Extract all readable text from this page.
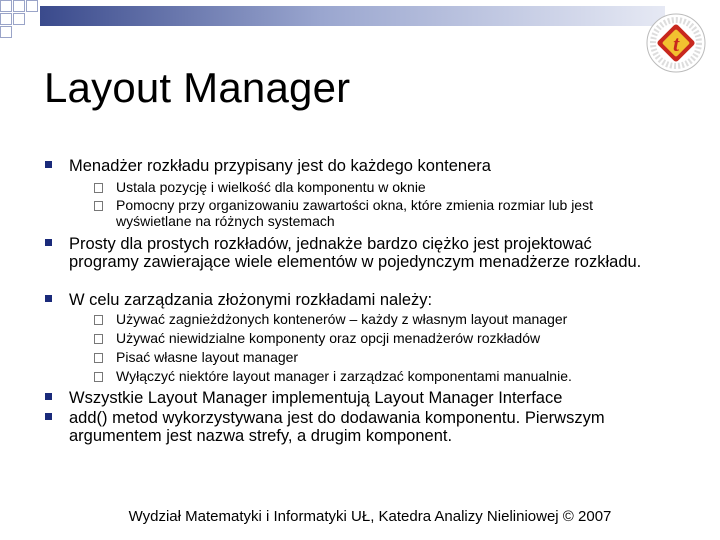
t
Layout Manager
Menadżer rozkładu przypisany jest do każdego kontenera
Ustala pozycję i wielkość dla komponentu w oknie
Pomocny przy organizowaniu zawartości okna, które zmienia rozmiar lub jest wyświetlane na różnych systemach
Prosty dla prostych rozkładów, jednakże bardzo ciężko jest projektować programy zawierające wiele elementów w pojedynczym menadżerze rozkładu.
W celu zarządzania złożonymi rozkładami należy:
Używać zagnieżdżonych kontenerów – każdy z własnym layout manager
Używać niewidzialne komponenty oraz opcji menadżerów rozkładów
Pisać własne layout manager
Wyłączyć niektóre layout manager i zarządzać komponentami manualnie.
Wszystkie Layout Manager implementują Layout Manager Interface
add() metod wykorzystywana jest do dodawania komponentu. Pierwszym argumentem jest nazwa strefy, a drugim komponent.
Wydział Matematyki i Informatyki UŁ, Katedra Analizy Nieliniowej © 2007
